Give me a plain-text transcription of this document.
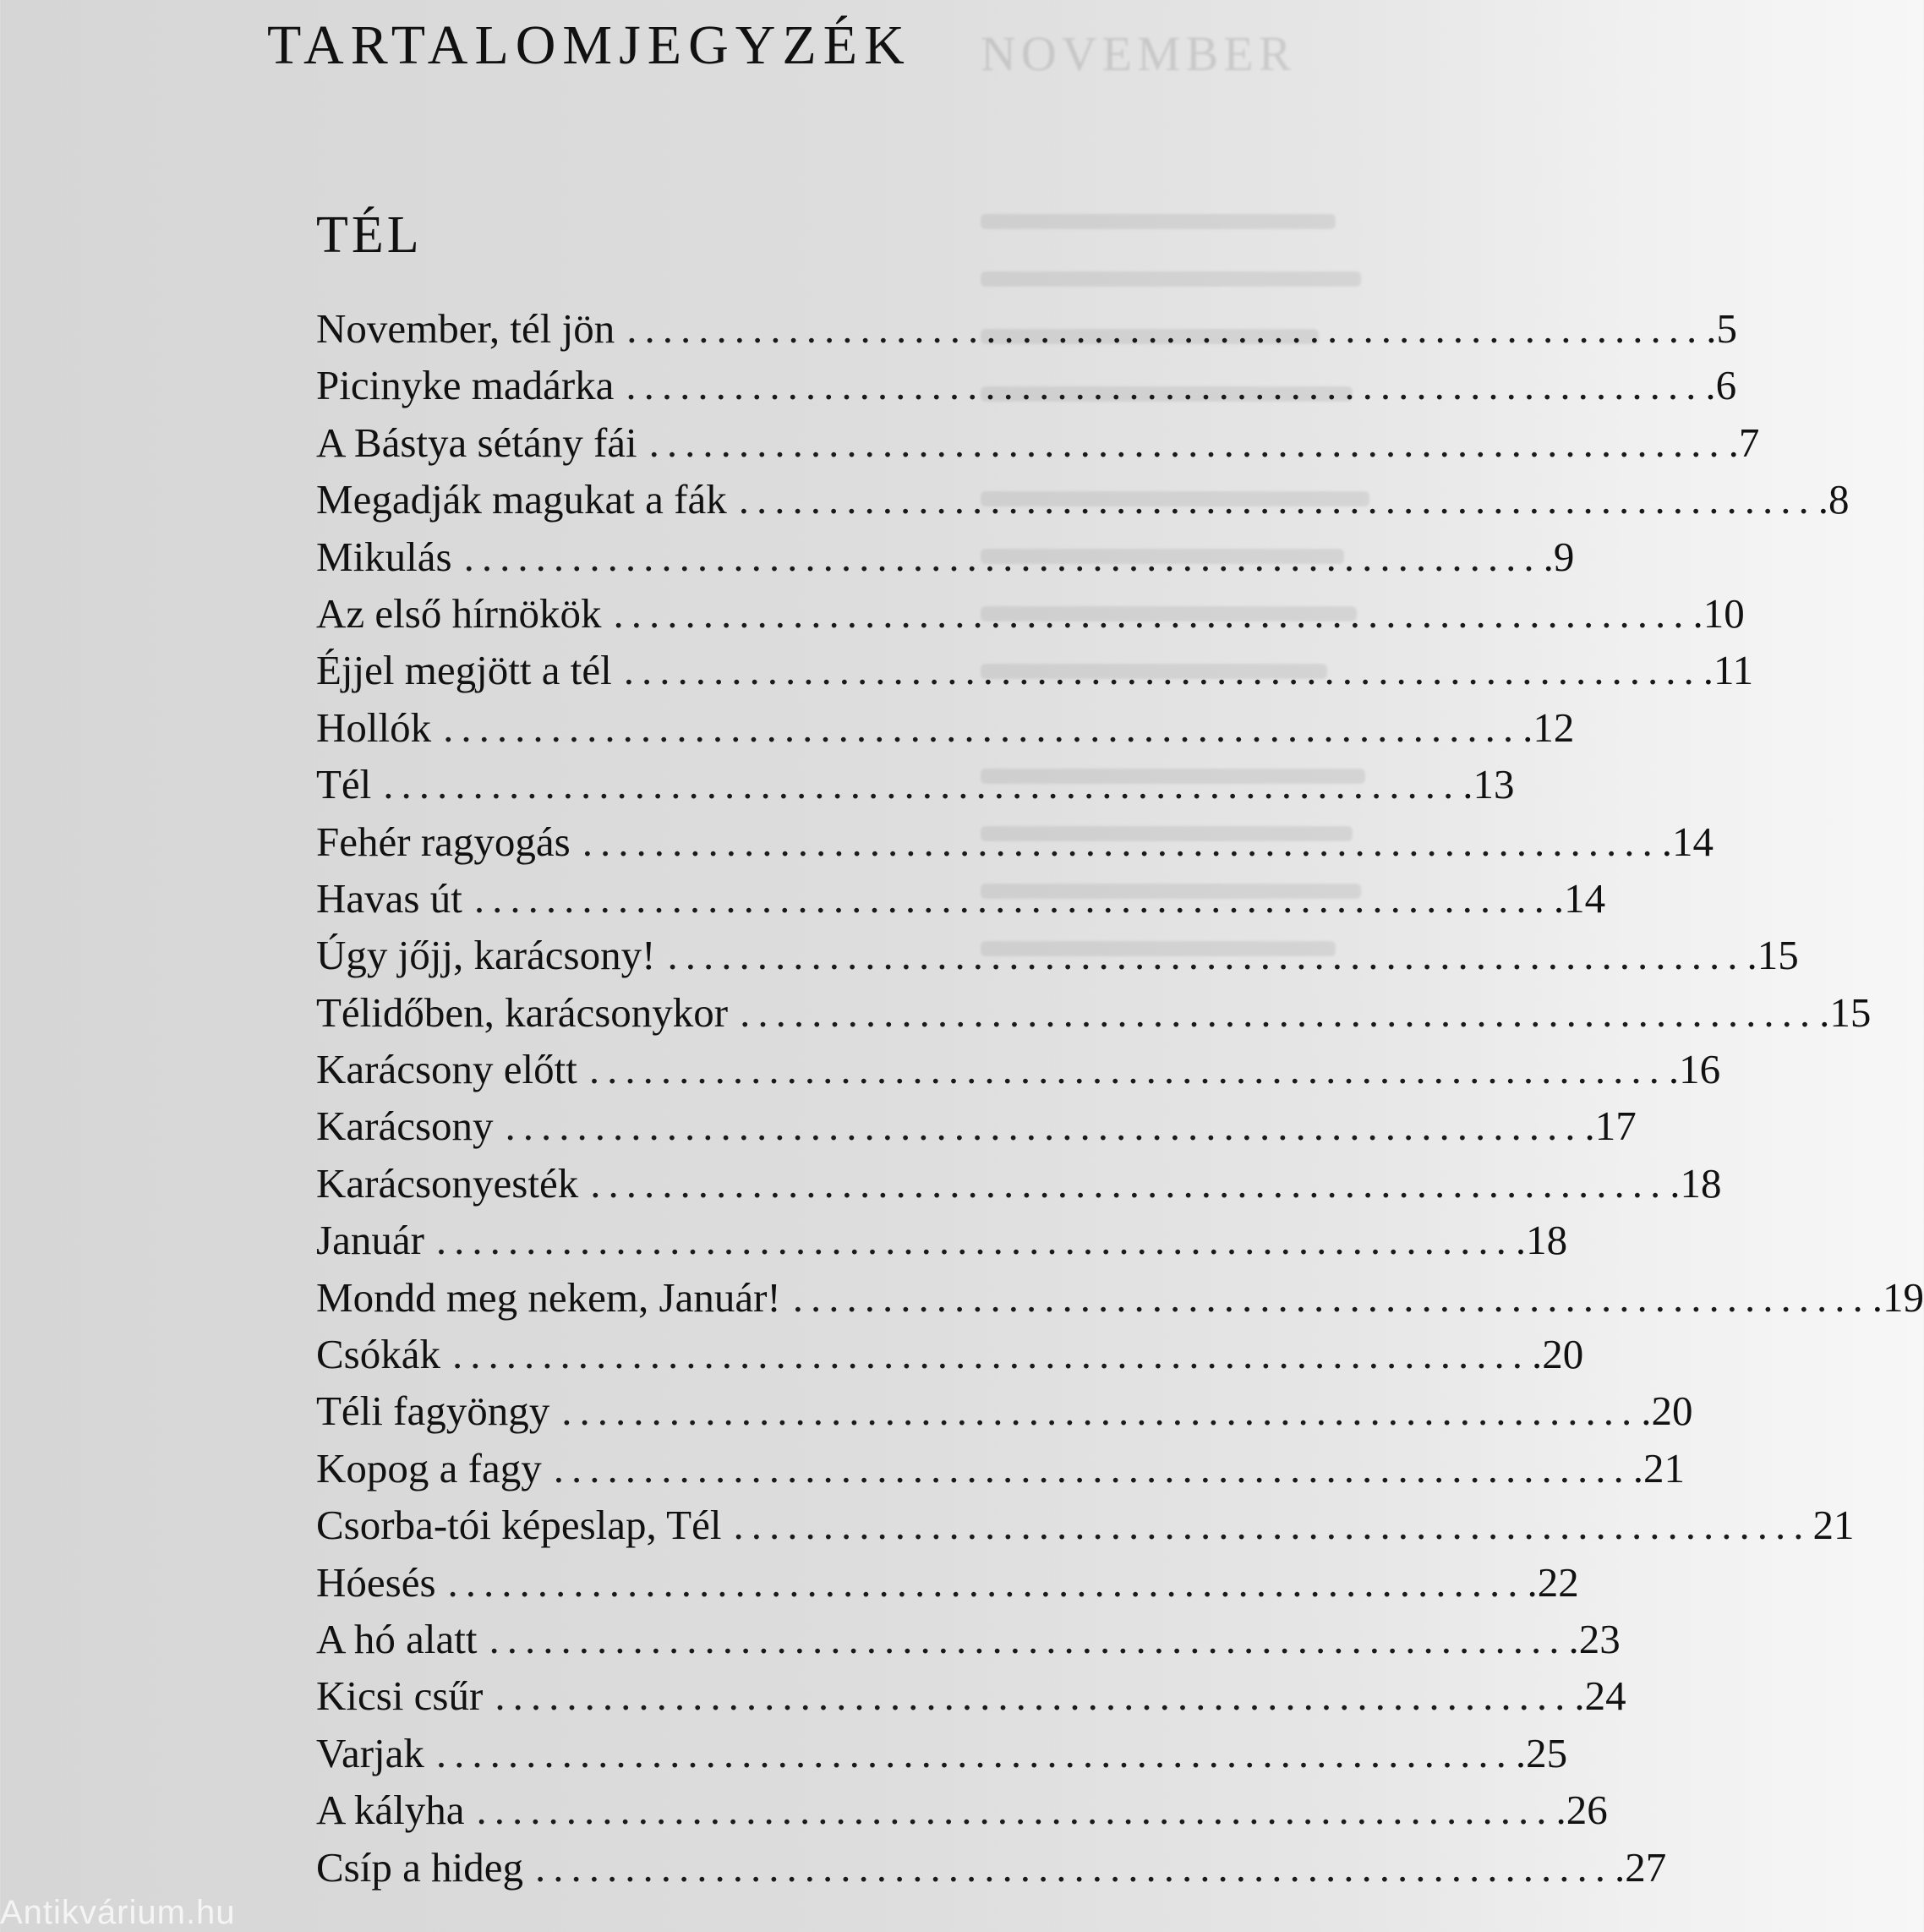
NOVEMBER
TARTALOMJEGYZÉK
TÉL
November, tél jön ............................................................ .5
Picinyke madárka ............................................................ .6
A Bástya sétány fái ............................................................ .7
Megadják magukat a fák ............................................................ .8
Mikulás ............................................................ .9
Az első hírnökök ............................................................ .10
Éjjel megjött a tél ............................................................ .11
Hollók ............................................................ .12
Tél ............................................................ .13
Fehér ragyogás ............................................................ .14
Havas út ............................................................ .14
Úgy jőjj, karácsony! ............................................................ .15
Télidőben, karácsonykor ............................................................ .15
Karácsony előtt ............................................................ .16
Karácsony ............................................................ .17
Karácsonyesték ............................................................ .18
Január ............................................................ .18
Mondd meg nekem, Január! ............................................................ .19
Csókák ............................................................ .20
Téli fagyöngy ............................................................ .20
Kopog a fagy ............................................................ .21
Csorba-tói képeslap, Tél ............................................................ 21
Hóesés ............................................................ .22
A hó alatt ............................................................ .23
Kicsi csűr ............................................................ .24
Varjak ............................................................ .25
A kályha ............................................................ .26
Csíp a hideg ............................................................ .27
Antikvárium.hu
